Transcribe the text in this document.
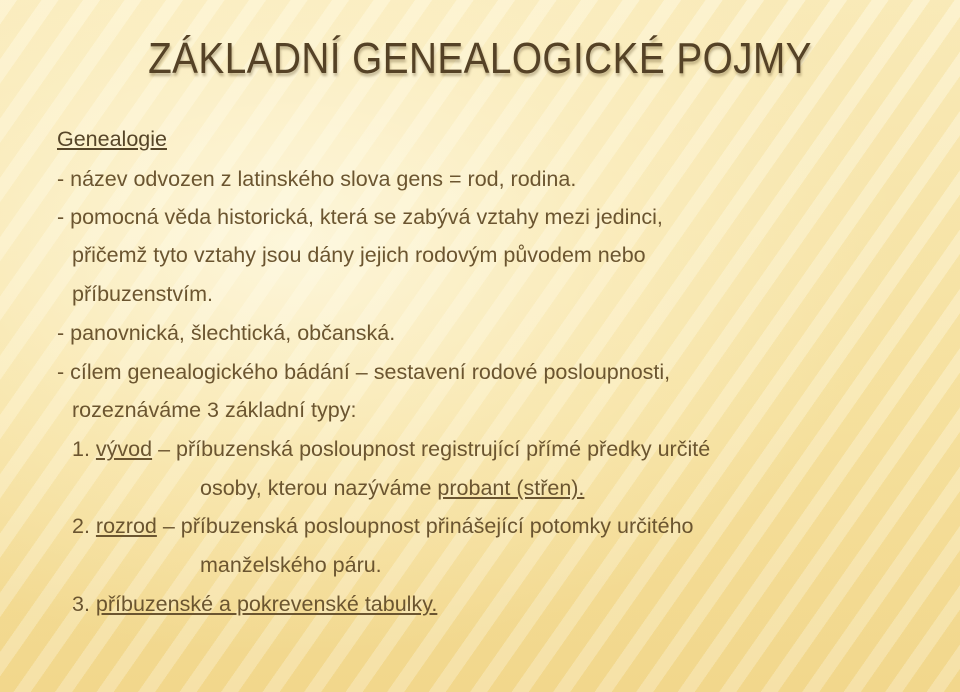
ZÁKLADNÍ GENEALOGICKÉ POJMY
Genealogie
- název odvozen z latinského slova gens = rod, rodina.
- pomocná věda historická, která se zabývá vztahy mezi jedinci,
přičemž tyto vztahy jsou dány jejich rodovým původem nebo
příbuzenstvím.
- panovnická, šlechtická, občanská.
- cílem genealogického bádání – sestavení rodové posloupnosti,
rozeznáváme 3 základní typy:
1. vývod – příbuzenská posloupnost registrující přímé předky určité
osoby, kterou nazýváme probant (střen).
2. rozrod – příbuzenská posloupnost přinášející potomky určitého
manželského páru.
3. příbuzenské a pokrevenské tabulky.
